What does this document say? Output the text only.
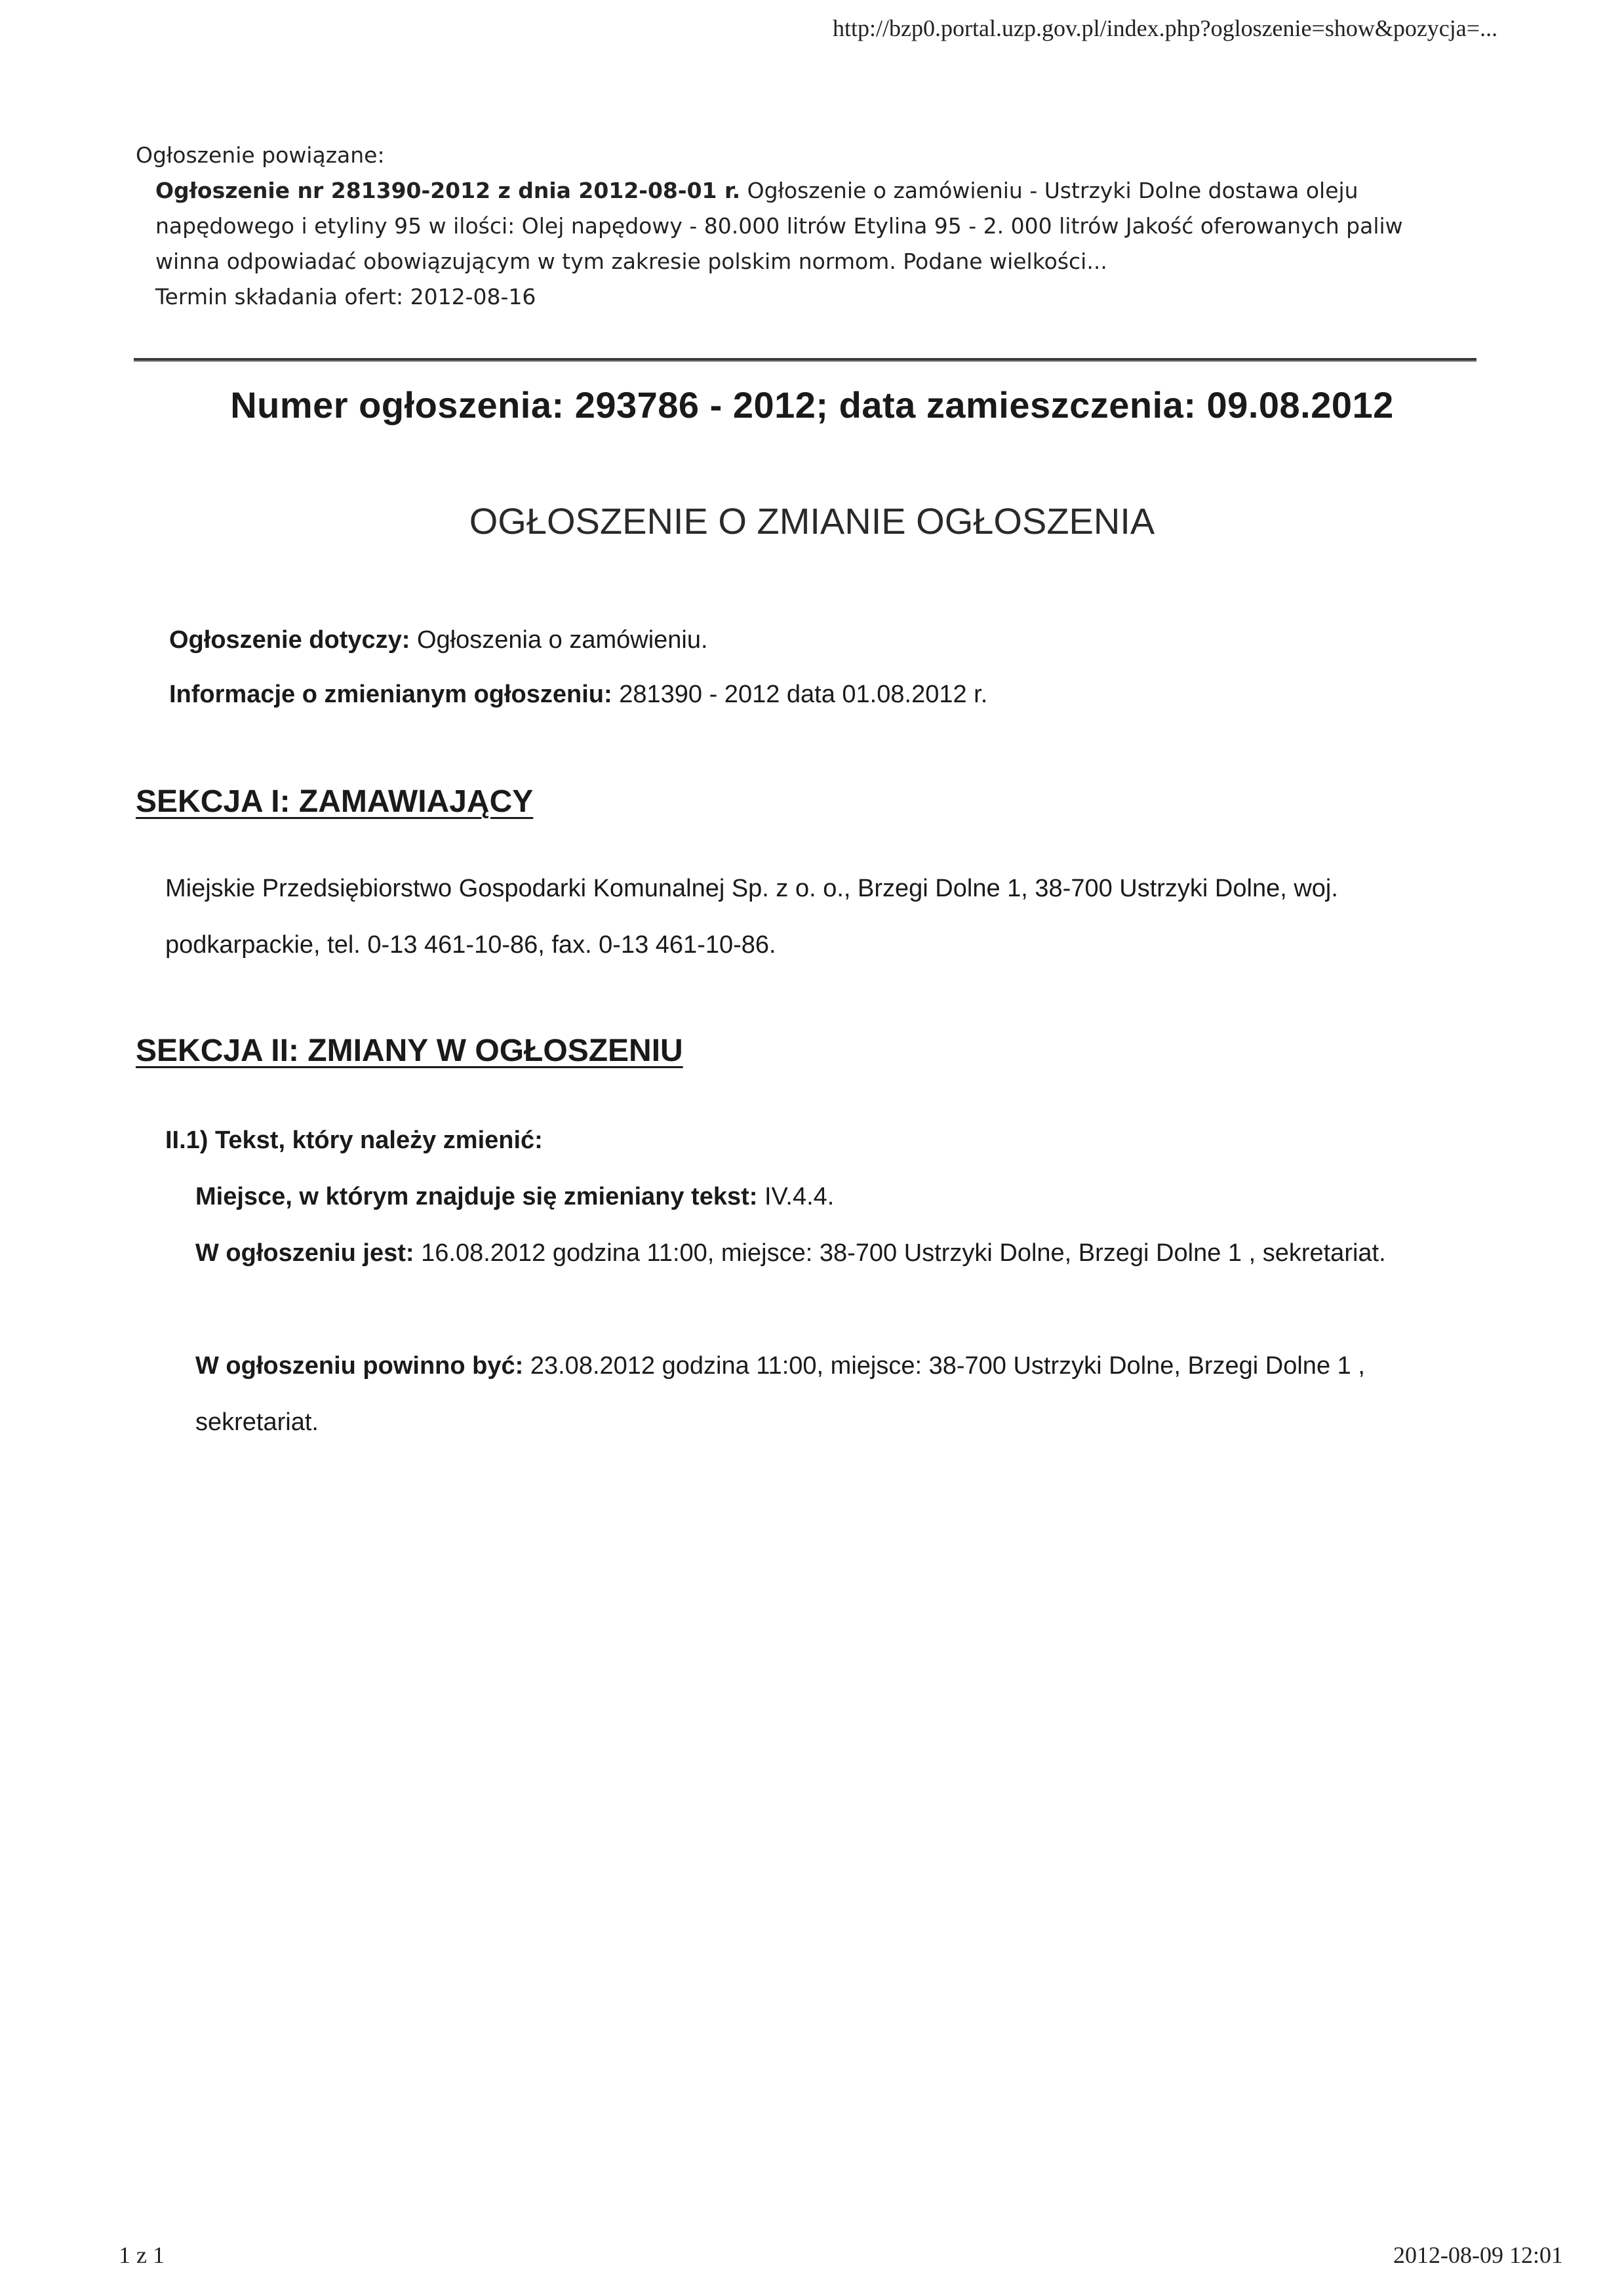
http://bzp0.portal.uzp.gov.pl/index.php?ogloszenie=show&pozycja=...
Ogłoszenie powiązane:
Ogłoszenie nr 281390-2012 z dnia 2012-08-01 r. Ogłoszenie o zamówieniu - Ustrzyki Dolne dostawa oleju napędowego i etyliny 95 w ilości: Olej napędowy - 80.000 litrów Etylina 95 - 2. 000 litrów Jakość oferowanych paliw winna odpowiadać obowiązującym w tym zakresie polskim normom. Podane wielkości...
Termin składania ofert: 2012-08-16
Numer ogłoszenia: 293786 - 2012; data zamieszczenia: 09.08.2012
OGŁOSZENIE O ZMIANIE OGŁOSZENIA
Ogłoszenie dotyczy: Ogłoszenia o zamówieniu.
Informacje o zmienianym ogłoszeniu: 281390 - 2012 data 01.08.2012 r.
SEKCJA I: ZAMAWIAJĄCY
Miejskie Przedsiębiorstwo Gospodarki Komunalnej Sp. z o. o., Brzegi Dolne 1, 38-700 Ustrzyki Dolne, woj. podkarpackie, tel. 0-13 461-10-86, fax. 0-13 461-10-86.
SEKCJA II: ZMIANY W OGŁOSZENIU
II.1) Tekst, który należy zmienić:
Miejsce, w którym znajduje się zmieniany tekst: IV.4.4.
W ogłoszeniu jest: 16.08.2012 godzina 11:00, miejsce: 38-700 Ustrzyki Dolne, Brzegi Dolne 1 , sekretariat.
W ogłoszeniu powinno być: 23.08.2012 godzina 11:00, miejsce: 38-700 Ustrzyki Dolne, Brzegi Dolne 1 , sekretariat.
1 z 1	2012-08-09 12:01
